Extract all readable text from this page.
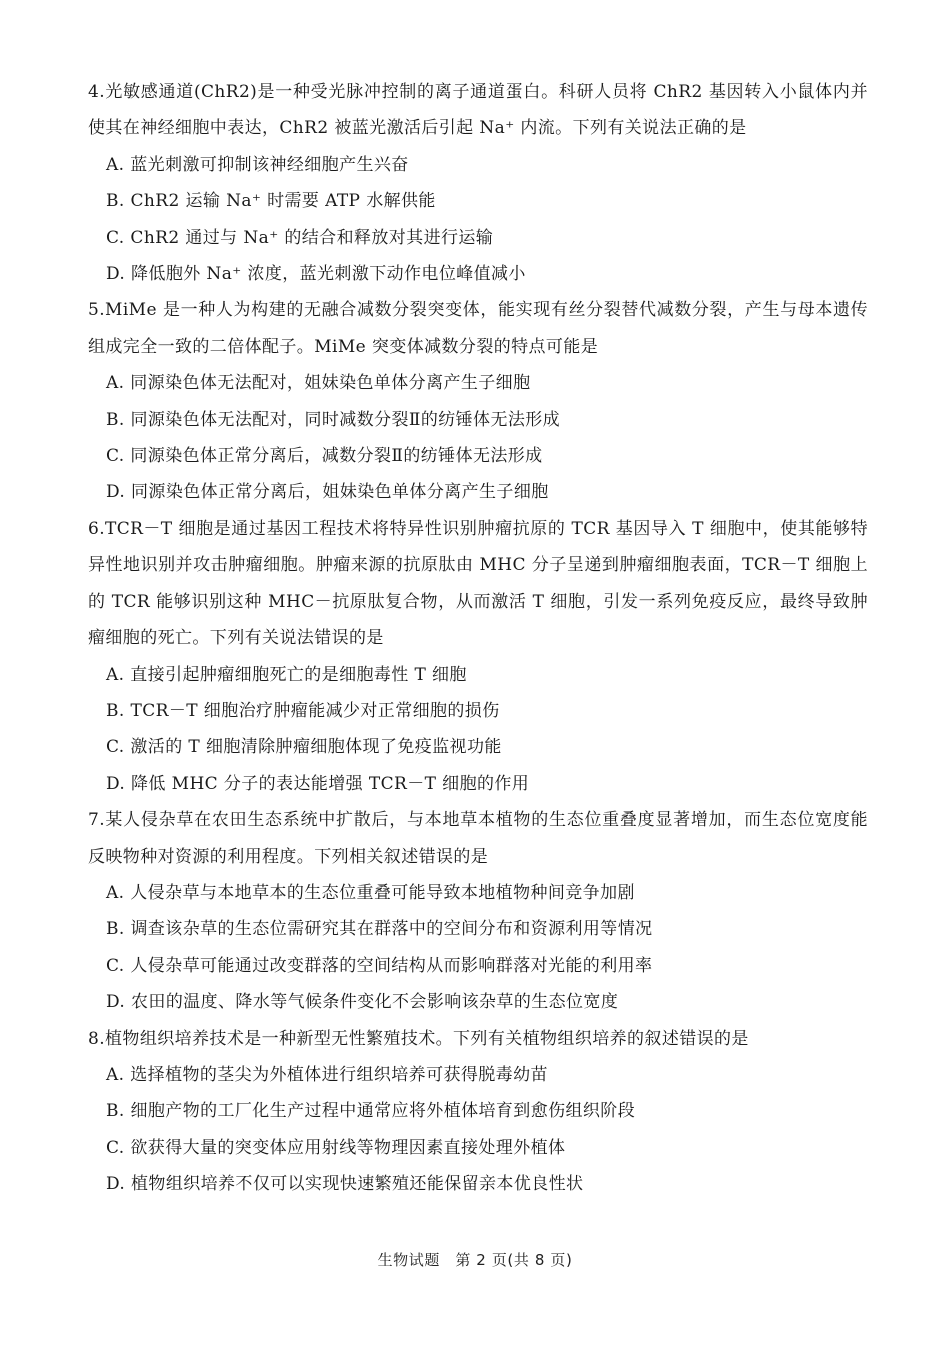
4.光敏感通道(ChR2)是一种受光脉冲控制的离子通道蛋白。科研人员将 ChR2 基因转入小鼠体内并使其在神经细胞中表达，ChR2 被蓝光激活后引起 Na⁺ 内流。下列有关说法正确的是

A. 蓝光刺激可抑制该神经细胞产生兴奋
B. ChR2 运输 Na⁺ 时需要 ATP 水解供能
C. ChR2 通过与 Na⁺ 的结合和释放对其进行运输
D. 降低胞外 Na⁺ 浓度，蓝光刺激下动作电位峰值减小

5.MiMe 是一种人为构建的无融合减数分裂突变体，能实现有丝分裂替代减数分裂，产生与母本遗传组成完全一致的二倍体配子。MiMe 突变体减数分裂的特点可能是

A. 同源染色体无法配对，姐妹染色单体分离产生子细胞
B. 同源染色体无法配对，同时减数分裂Ⅱ的纺锤体无法形成
C. 同源染色体正常分离后，减数分裂Ⅱ的纺锤体无法形成
D. 同源染色体正常分离后，姐妹染色单体分离产生子细胞

6.TCR－T 细胞是通过基因工程技术将特异性识别肿瘤抗原的 TCR 基因导入 T 细胞中，使其能够特异性地识别并攻击肿瘤细胞。肿瘤来源的抗原肽由 MHC 分子呈递到肿瘤细胞表面，TCR－T 细胞上的 TCR 能够识别这种 MHC－抗原肽复合物，从而激活 T 细胞，引发一系列免疫反应，最终导致肿瘤细胞的死亡。下列有关说法错误的是

A. 直接引起肿瘤细胞死亡的是细胞毒性 T 细胞
B. TCR－T 细胞治疗肿瘤能减少对正常细胞的损伤
C. 激活的 T 细胞清除肿瘤细胞体现了免疫监视功能
D. 降低 MHC 分子的表达能增强 TCR－T 细胞的作用

7.某人侵杂草在农田生态系统中扩散后，与本地草本植物的生态位重叠度显著增加，而生态位宽度能反映物种对资源的利用程度。下列相关叙述错误的是

A. 人侵杂草与本地草本的生态位重叠可能导致本地植物种间竞争加剧
B. 调查该杂草的生态位需研究其在群落中的空间分布和资源利用等情况
C. 人侵杂草可能通过改变群落的空间结构从而影响群落对光能的利用率
D. 农田的温度、降水等气候条件变化不会影响该杂草的生态位宽度

8.植物组织培养技术是一种新型无性繁殖技术。下列有关植物组织培养的叙述错误的是

A. 选择植物的茎尖为外植体进行组织培养可获得脱毒幼苗
B. 细胞产物的工厂化生产过程中通常应将外植体培育到愈伤组织阶段
C. 欲获得大量的突变体应用射线等物理因素直接处理外植体
D. 植物组织培养不仅可以实现快速繁殖还能保留亲本优良性状
生物试题 第 2 页(共 8 页)
